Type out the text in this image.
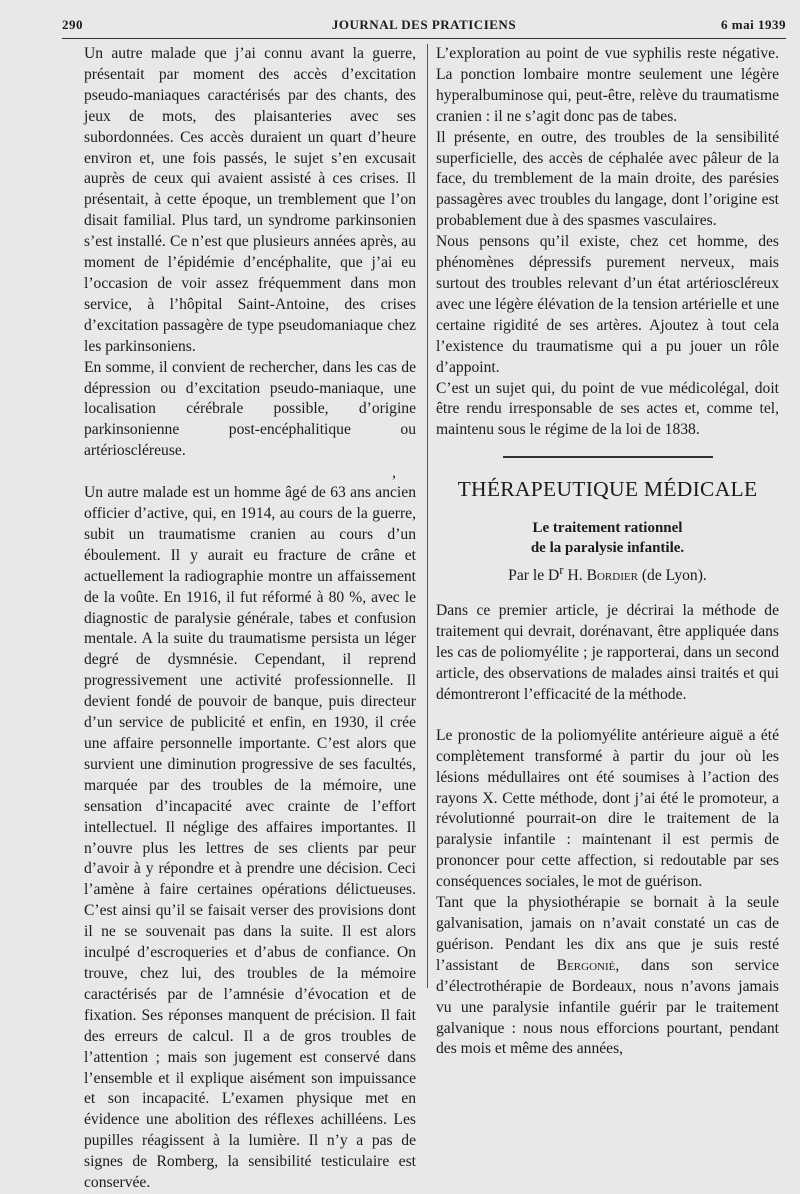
290	JOURNAL DES PRATICIENS	6 mai 1939

Un autre malade que j’ai connu avant la guerre, présentait par moment des accès d’excitation pseudo-maniaques caractérisés par des chants, des jeux de mots, des plaisanteries avec ses subordonnées. Ces accès duraient un quart d’heure environ et, une fois passés, le sujet s’en excusait auprès de ceux qui avaient assisté à ces crises. Il présentait, à cette époque, un tremblement que l’on disait familial. Plus tard, un syndrome parkinsonien s’est installé. Ce n’est que plusieurs années après, au moment de l’épidémie d’encéphalite, que j’ai eu l’occasion de voir assez fréquemment dans mon service, à l’hôpital Saint-Antoine, des crises d’excitation passagère de type pseudomaniaque chez les parkinsoniens.

En somme, il convient de rechercher, dans les cas de dépression ou d’excitation pseudo-maniaque, une localisation cérébrale possible, d’origine parkinsonienne post-encéphalitique ou artérioscléreuse.

,

Un autre malade est un homme âgé de 63 ans ancien officier d’active, qui, en 1914, au cours de la guerre, subit un traumatisme cranien au cours d’un éboulement. Il y aurait eu fracture de crâne et actuellement la radiographie montre un affaissement de la voûte. En 1916, il fut réformé à 80 %, avec le diagnostic de paralysie générale, tabes et confusion mentale. A la suite du traumatisme persista un léger degré de dysmnésie. Cependant, il reprend progressivement une activité professionnelle. Il devient fondé de pouvoir de banque, puis directeur d’un service de publicité et enfin, en 1930, il crée une affaire personnelle importante. C’est alors que survient une diminution progressive de ses facultés, marquée par des troubles de la mémoire, une sensation d’incapacité avec crainte de l’effort intellectuel. Il néglige des affaires importantes. Il n’ouvre plus les lettres de ses clients par peur d’avoir à y répondre et à prendre une décision. Ceci l’amène à faire certaines opérations délictueuses. C’est ainsi qu’il se faisait verser des provisions dont il ne se souvenait pas dans la suite. Il est alors inculpé d’escroqueries et d’abus de confiance. On trouve, chez lui, des troubles de la mémoire caractérisés par de l’amnésie d’évocation et de fixation. Ses réponses manquent de précision. Il fait des erreurs de calcul. Il a de gros troubles de l’attention ; mais son jugement est conservé dans l’ensemble et il explique aisément son impuissance et son incapacité. L’examen physique met en évidence une abolition des réflexes achilléens. Les pupilles réagissent à la lumière. Il n’y a pas de signes de Romberg, la sensibilité testiculaire est conservée.

L’exploration au point de vue syphilis reste négative. La ponction lombaire montre seulement une légère hyperalbuminose qui, peut-être, relève du traumatisme cranien : il ne s’agit donc pas de tabes.

Il présente, en outre, des troubles de la sensibilité superficielle, des accès de céphalée avec pâleur de la face, du tremblement de la main droite, des parésies passagères avec troubles du langage, dont l’origine est probablement due à des spasmes vasculaires.

Nous pensons qu’il existe, chez cet homme, des phénomènes dépressifs purement nerveux, mais surtout des troubles relevant d’un état artérioscléreux avec une légère élévation de la tension artérielle et une certaine rigidité de ses artères. Ajoutez à tout cela l’existence du traumatisme qui a pu jouer un rôle d’appoint.

C’est un sujet qui, du point de vue médicolégal, doit être rendu irresponsable de ses actes et, comme tel, maintenu sous le régime de la loi de 1838.

THÉRAPEUTIQUE MÉDICALE
Le traitement rationnel
de la paralysie infantile.
Par le $D^r$ H. Bordier (de Lyon).

Dans ce premier article, je décrirai la méthode de traitement qui devrait, dorénavant, être appliquée dans les cas de poliomyélite ; je rapporterai, dans un second article, des observations de malades ainsi traités et qui démontreront l’efficacité de la méthode.

Le pronostic de la poliomyélite antérieure aiguë a été complètement transformé à partir du jour où les lésions médullaires ont été soumises à l’action des rayons X. Cette méthode, dont j’ai été le promoteur, a révolutionné pourrait-on dire le traitement de la paralysie infantile : maintenant il est permis de prononcer pour cette affection, si redoutable par ses conséquences sociales, le mot de guérison.

Tant que la physiothérapie se bornait à la seule galvanisation, jamais on n’avait constaté un cas de guérison. Pendant les dix ans que je suis resté l’assistant de Bergonié, dans son service d’électrothérapie de Bordeaux, nous n’avons jamais vu une paralysie infantile guérir par le traitement galvanique : nous nous efforcions pourtant, pendant des mois et même des années,
